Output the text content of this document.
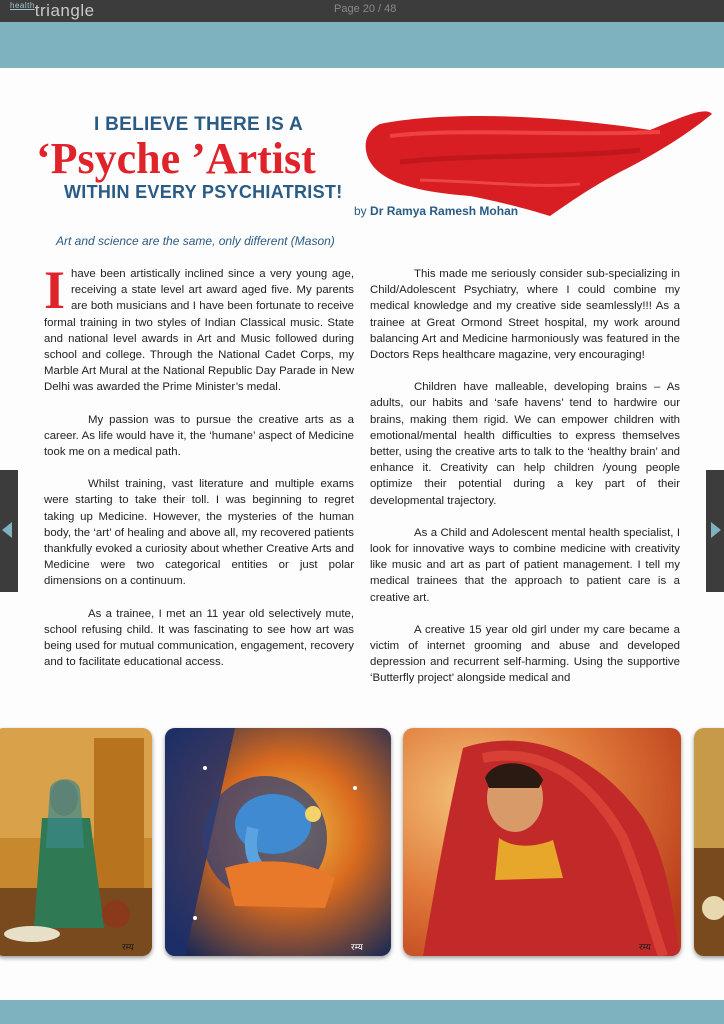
healthtriangle	Page 20 / 48
I BELIEVE THERE IS A
‘Psyche ’Artist
WITHIN EVERY PSYCHIATRIST!
by Dr Ramya Ramesh Mohan
Art and science are the same, only different (Mason)

Ihave been artistically inclined since a very young age, receiving a state level art award aged five. My parents are both musicians and I have been fortunate to receive formal training in two styles of Indian Classical music. State and national level awards in Art and Music followed during school and college. Through the National Cadet Corps, my Marble Art Mural at the National Republic Day Parade in New Delhi was awarded the Prime Minister’s medal.

My passion was to pursue the creative arts as a career. As life would have it, the ‘humane’ aspect of Medicine took me on a medical path.

Whilst training, vast literature and multiple exams were starting to take their toll. I was beginning to regret taking up Medicine. However, the mysteries of the human body, the ‘art’ of healing and above all, my recovered patients thankfully evoked a curiosity about whether Creative Arts and Medicine were two categorical entities or just polar dimensions on a continuum.

As a trainee, I met an 11 year old selectively mute, school refusing child. It was fascinating to see how art was being used for mutual communication, engagement, recovery and to facilitate educational access.

This made me seriously consider sub-specializing in Child/Adolescent Psychiatry, where I could combine my medical knowledge and my creative side seamlessly!!! As a trainee at Great Ormond Street hospital, my work around balancing Art and Medicine harmoniously was featured in the Doctors Reps healthcare magazine, very encouraging!

Children have malleable, developing brains – As adults, our habits and ‘safe havens’ tend to hardwire our brains, making them rigid. We can empower children with emotional/mental health difficulties to express themselves better, using the creative arts to talk to the ‘healthy brain’ and enhance it. Creativity can help children /young people optimize their potential during a key part of their developmental trajectory.

As a Child and Adolescent mental health specialist, I look for innovative ways to combine medicine with creativity like music and art as part of patient management. I tell my medical trainees that the approach to patient care is a creative art.

A creative 15 year old girl under my care became a victim of internet grooming and abuse and developed depression and recurrent self-harming. Using the supportive ‘Butterfly project’ alongside medical and

रम्य	रम्य	रम्य
